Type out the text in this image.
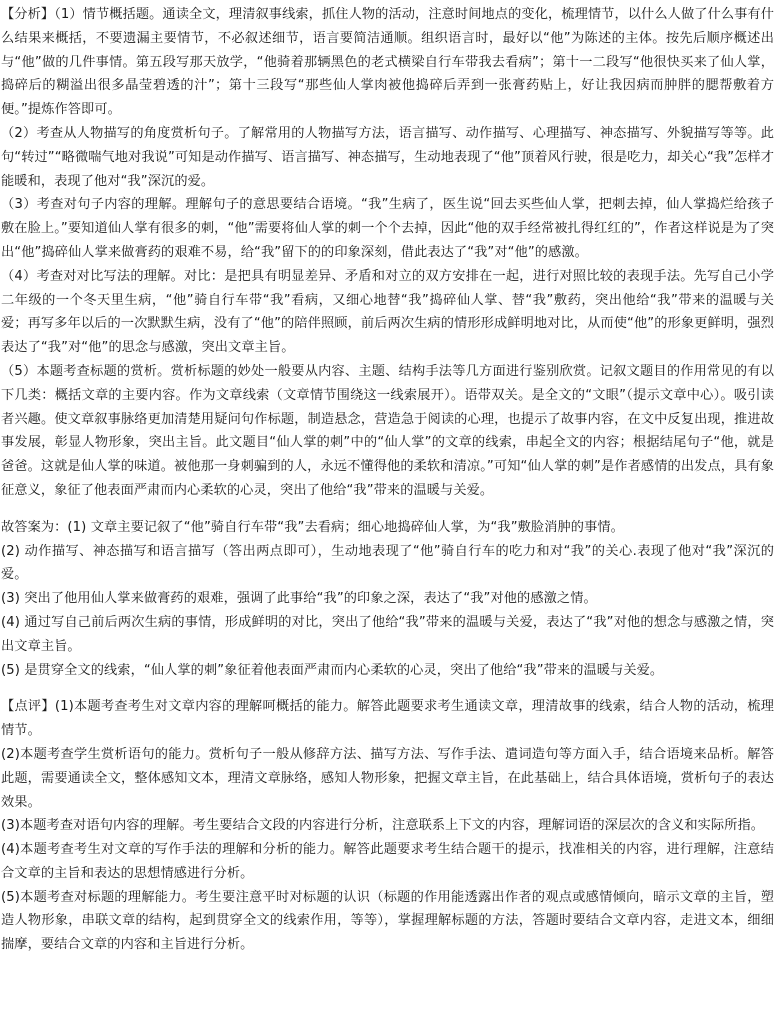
【分析】（1）情节概括题。通读全文，理清叙事线索，抓住人物的活动，注意时间地点的变化，梳理情节，以什么人做了什么事有什么结果来概括，不要遗漏主要情节，不必叙述细节，语言要简洁通顺。组织语言时，最好以“他”为陈述的主体。按先后顺序概述出与“他”做的几件事情。第五段写那天放学，“他骑着那辆黑色的老式横梁自行车带我去看病”；第十一二段写“他很快买来了仙人掌，捣碎后的糊溢出很多晶莹碧透的汁”；第十三段写“那些仙人掌肉被他捣碎后弄到一张膏药贴上，好让我因病而肿胖的腮帮敷着方便。”提炼作答即可。

（2）考查从人物描写的角度赏析句子。了解常用的人物描写方法，语言描写、动作描写、心理描写、神态描写、外貌描写等等。此句“转过”“略微喘气地对我说”可知是动作描写、语言描写、神态描写，生动地表现了“他”顶着风行驶，很是吃力，却关心“我”怎样才能暖和，表现了他对“我”深沉的爱。

（3）考查对句子内容的理解。理解句子的意思要结合语境。“我”生病了，医生说“回去买些仙人掌，把刺去掉，仙人掌捣烂给孩子敷在脸上。”要知道仙人掌有很多的刺，“他”需要将仙人掌的刺一个个去掉，因此“他的双手经常被扎得红红的”，作者这样说是为了突出“他”捣碎仙人掌来做膏药的艰难不易，给“我”留下的的印象深刻，借此表达了“我”对“他”的感激。

（4）考查对对比写法的理解。对比：是把具有明显差异、矛盾和对立的双方安排在一起，进行对照比较的表现手法。先写自己小学二年级的一个冬天里生病，“他”骑自行车带“我”看病，又细心地替“我”捣碎仙人掌、替“我”敷药，突出他给“我”带来的温暖与关爱；再写多年以后的一次默默生病，没有了“他”的陪伴照顾，前后两次生病的情形形成鲜明地对比，从而使“他”的形象更鲜明，强烈表达了“我”对“他”的思念与感激，突出文章主旨。

（5）本题考查标题的赏析。赏析标题的妙处一般要从内容、主题、结构手法等几方面进行鉴别欣赏。记叙文题目的作用常见的有以下几类：概括文章的主要内容。作为文章线索（文章情节围绕这一线索展开）。语带双关。是全文的“文眼”（提示文章中心）。吸引读者兴趣。使文章叙事脉络更加清楚用疑问句作标题，制造悬念，营造急于阅读的心理，也提示了故事内容，在文中反复出现，推进故事发展，彰显人物形象，突出主旨。此文题目“仙人掌的刺”中的“仙人掌”的文章的线索，串起全文的内容；根据结尾句子“他，就是爸爸。这就是仙人掌的味道。被他那一身刺骗到的人，永远不懂得他的柔软和清凉。”可知“仙人掌的刺”是作者感情的出发点，具有象征意义，象征了他表面严肃而内心柔软的心灵，突出了他给“我”带来的温暖与关爱。

故答案为：(1) 文章主要记叙了“他”骑自行车带“我”去看病；细心地捣碎仙人掌，为“我”敷脸消肿的事情。

(2) 动作描写、神态描写和语言描写（答出两点即可），生动地表现了“他”骑自行车的吃力和对“我”的关心.表现了他对“我”深沉的爱。

(3) 突出了他用仙人掌来做膏药的艰难，强调了此事给“我”的印象之深，表达了“我”对他的感激之情。

(4) 通过写自己前后两次生病的事情，形成鲜明的对比，突出了他给“我”带来的温暖与关爱，表达了“我”对他的想念与感激之情，突出文章主旨。

(5) 是贯穿全文的线索，“仙人掌的刺”象征着他表面严肃而内心柔软的心灵，突出了他给“我”带来的温暖与关爱。

【点评】(1)本题考查考生对文章内容的理解呵概括的能力。解答此题要求考生通读文章，理清故事的线索，结合人物的活动，梳理情节。

(2)本题考查学生赏析语句的能力。赏析句子一般从修辞方法、描写方法、写作手法、遣词造句等方面入手，结合语境来品析。解答此题，需要通读全文，整体感知文本，理清文章脉络，感知人物形象，把握文章主旨，在此基础上，结合具体语境，赏析句子的表达效果。

(3)本题考查对语句内容的理解。考生要结合文段的内容进行分析，注意联系上下文的内容，理解词语的深层次的含义和实际所指。

(4)本题考查考生对文章的写作手法的理解和分析的能力。解答此题要求考生结合题干的提示，找准相关的内容，进行理解，注意结合文章的主旨和表达的思想情感进行分析。

(5)本题考查对标题的理解能力。考生要注意平时对标题的认识（标题的作用能透露出作者的观点或感情倾向，暗示文章的主旨，塑造人物形象，串联文章的结构，起到贯穿全文的线索作用，等等），掌握理解标题的方法，答题时要结合文章内容，走进文本，细细揣摩，要结合文章的内容和主旨进行分析。
